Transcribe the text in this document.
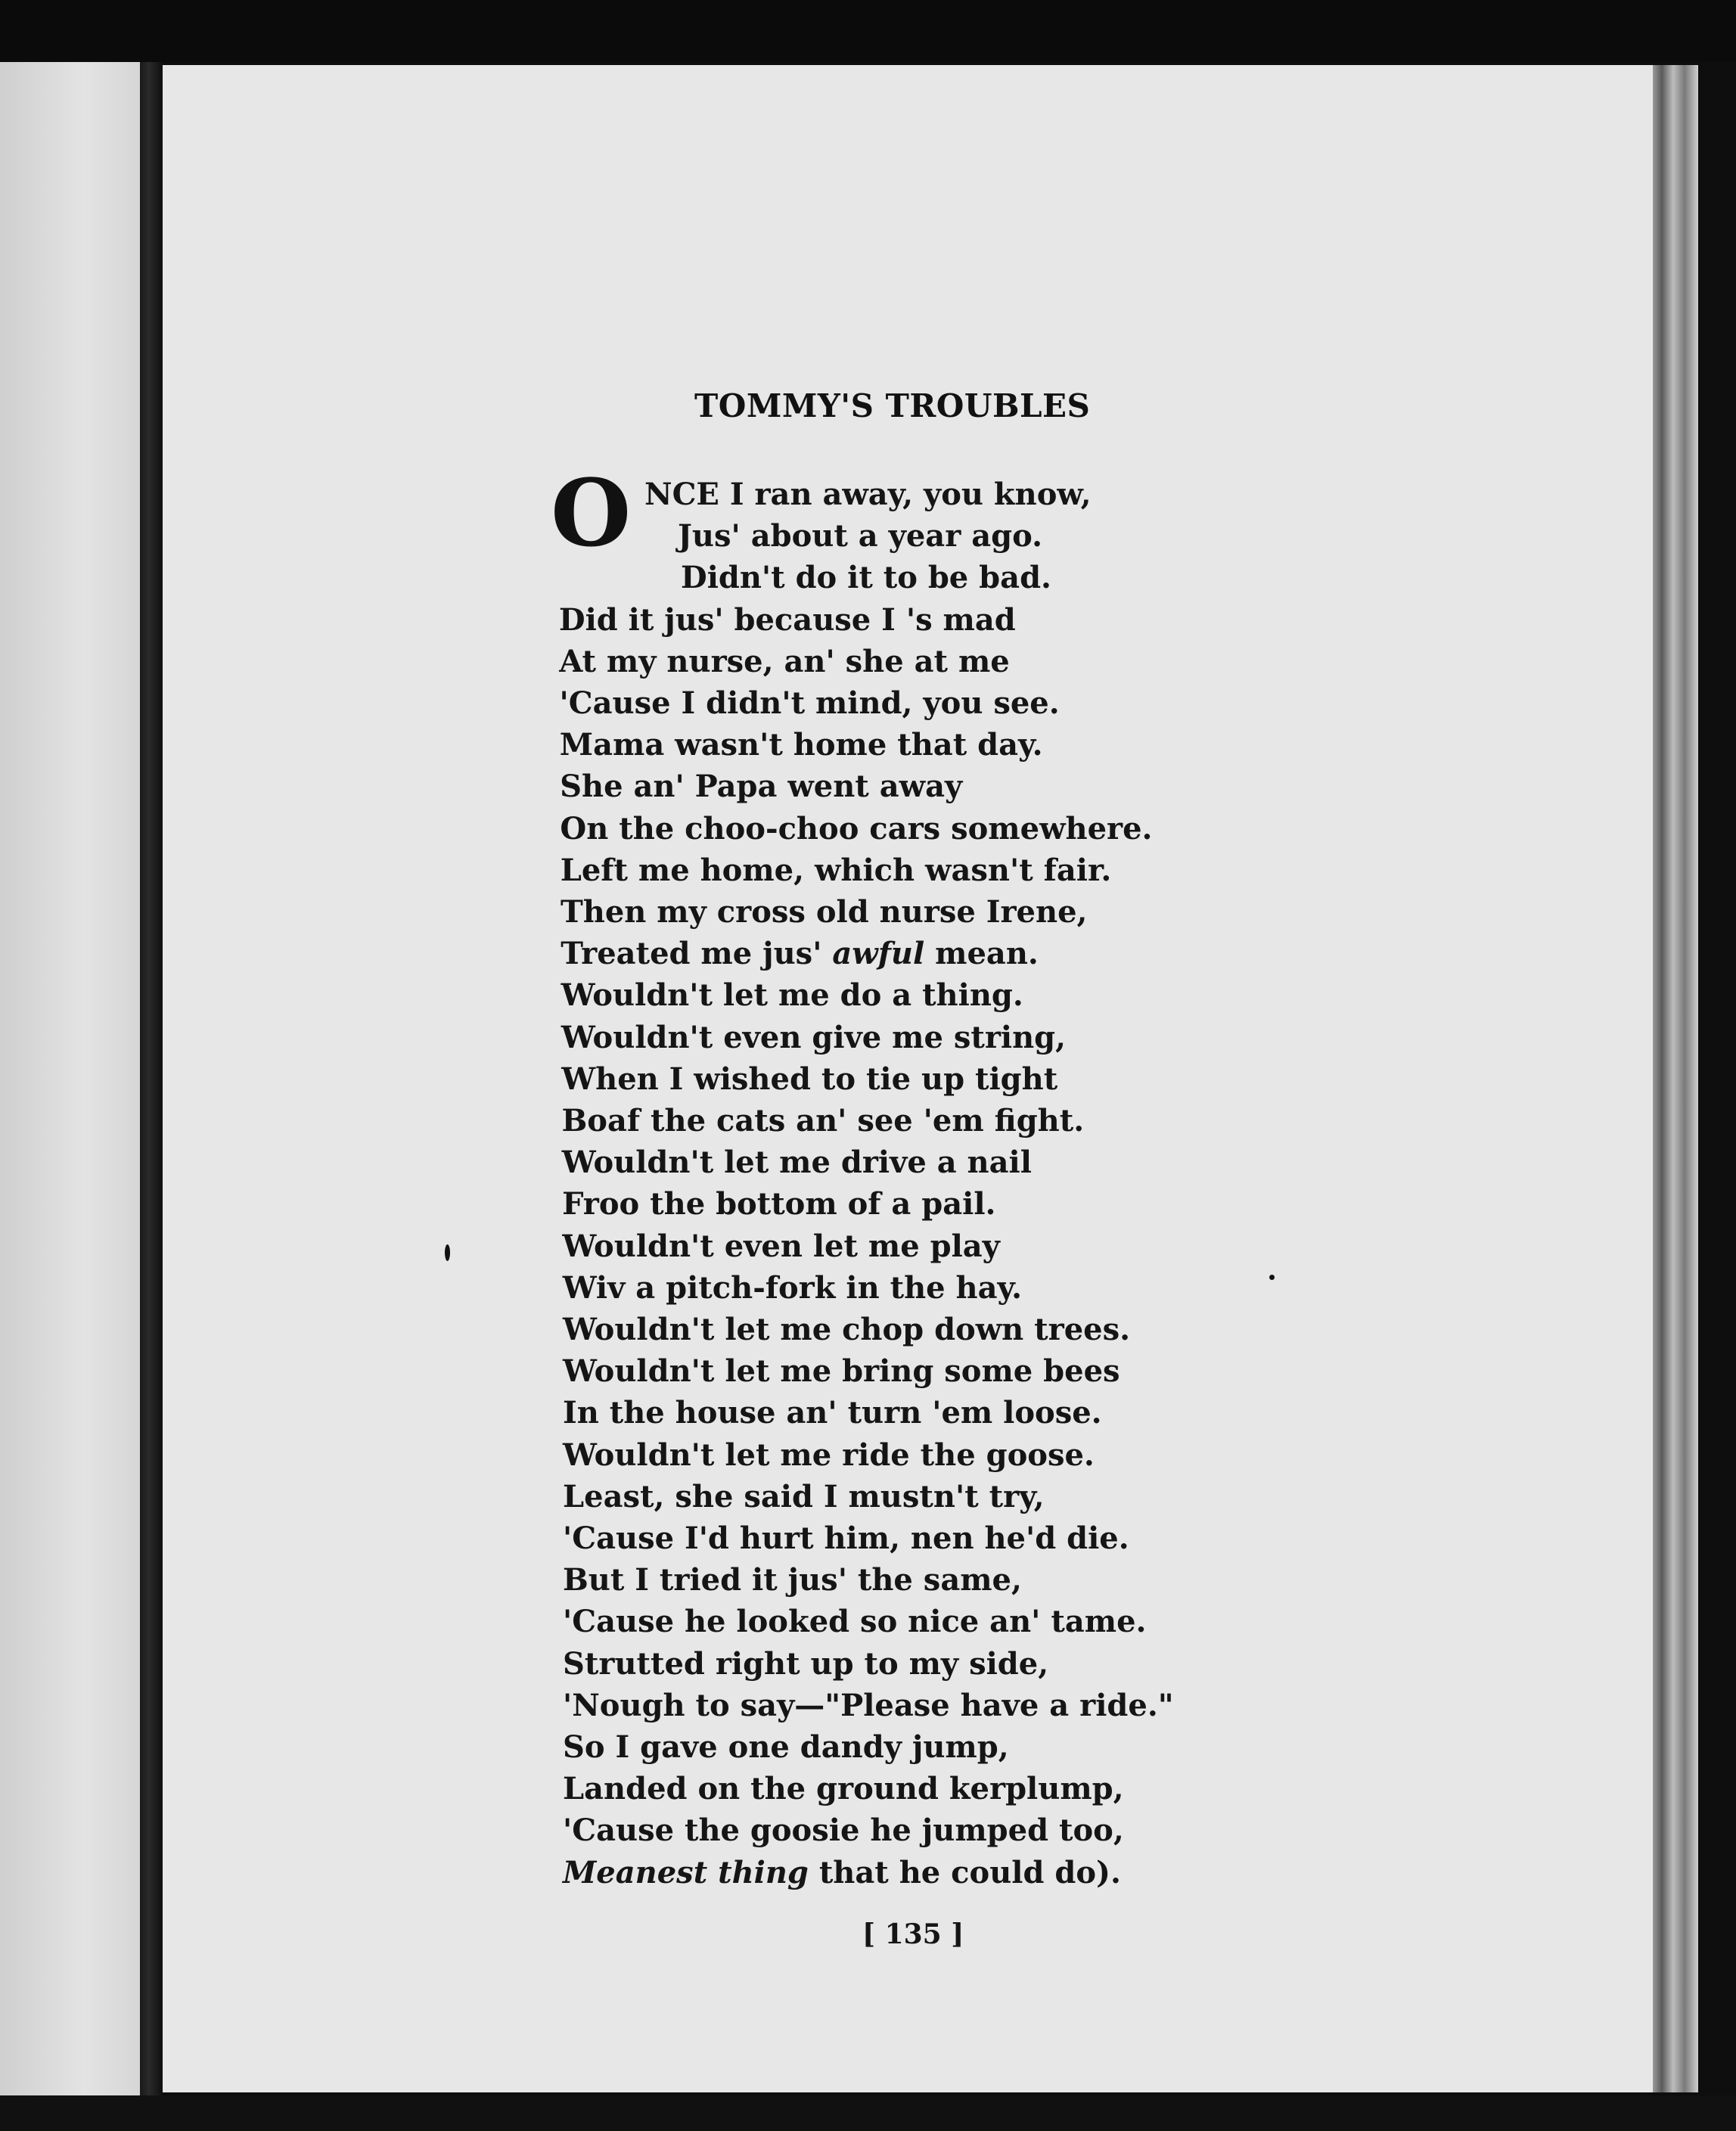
TOMMY'S TROUBLES
O NCE I ran away, you know,
Jus' about a year ago.
Didn't do it to be bad.
Did it jus' because I 's mad
At my nurse, an' she at me
'Cause I didn't mind, you see.
Mama wasn't home that day.
She an' Papa went away
On the choo-choo cars somewhere.
Left me home, which wasn't fair.
Then my cross old nurse Irene,
Treated me jus' awful mean.
Wouldn't let me do a thing.
Wouldn't even give me string,
When I wished to tie up tight
Boaf the cats an' see 'em fight.
Wouldn't let me drive a nail
Froo the bottom of a pail.
Wouldn't even let me play
Wiv a pitch-fork in the hay.
Wouldn't let me chop down trees.
Wouldn't let me bring some bees
In the house an' turn 'em loose.
Wouldn't let me ride the goose.
Least, she said I mustn't try,
'Cause I'd hurt him, nen he'd die.
But I tried it jus' the same,
'Cause he looked so nice an' tame.
Strutted right up to my side,
'Nough to say—"Please have a ride."
So I gave one dandy jump,
Landed on the ground kerplump,
'Cause the goosie he jumped too,
Meanest thing that he could do).
[ 135 ]
